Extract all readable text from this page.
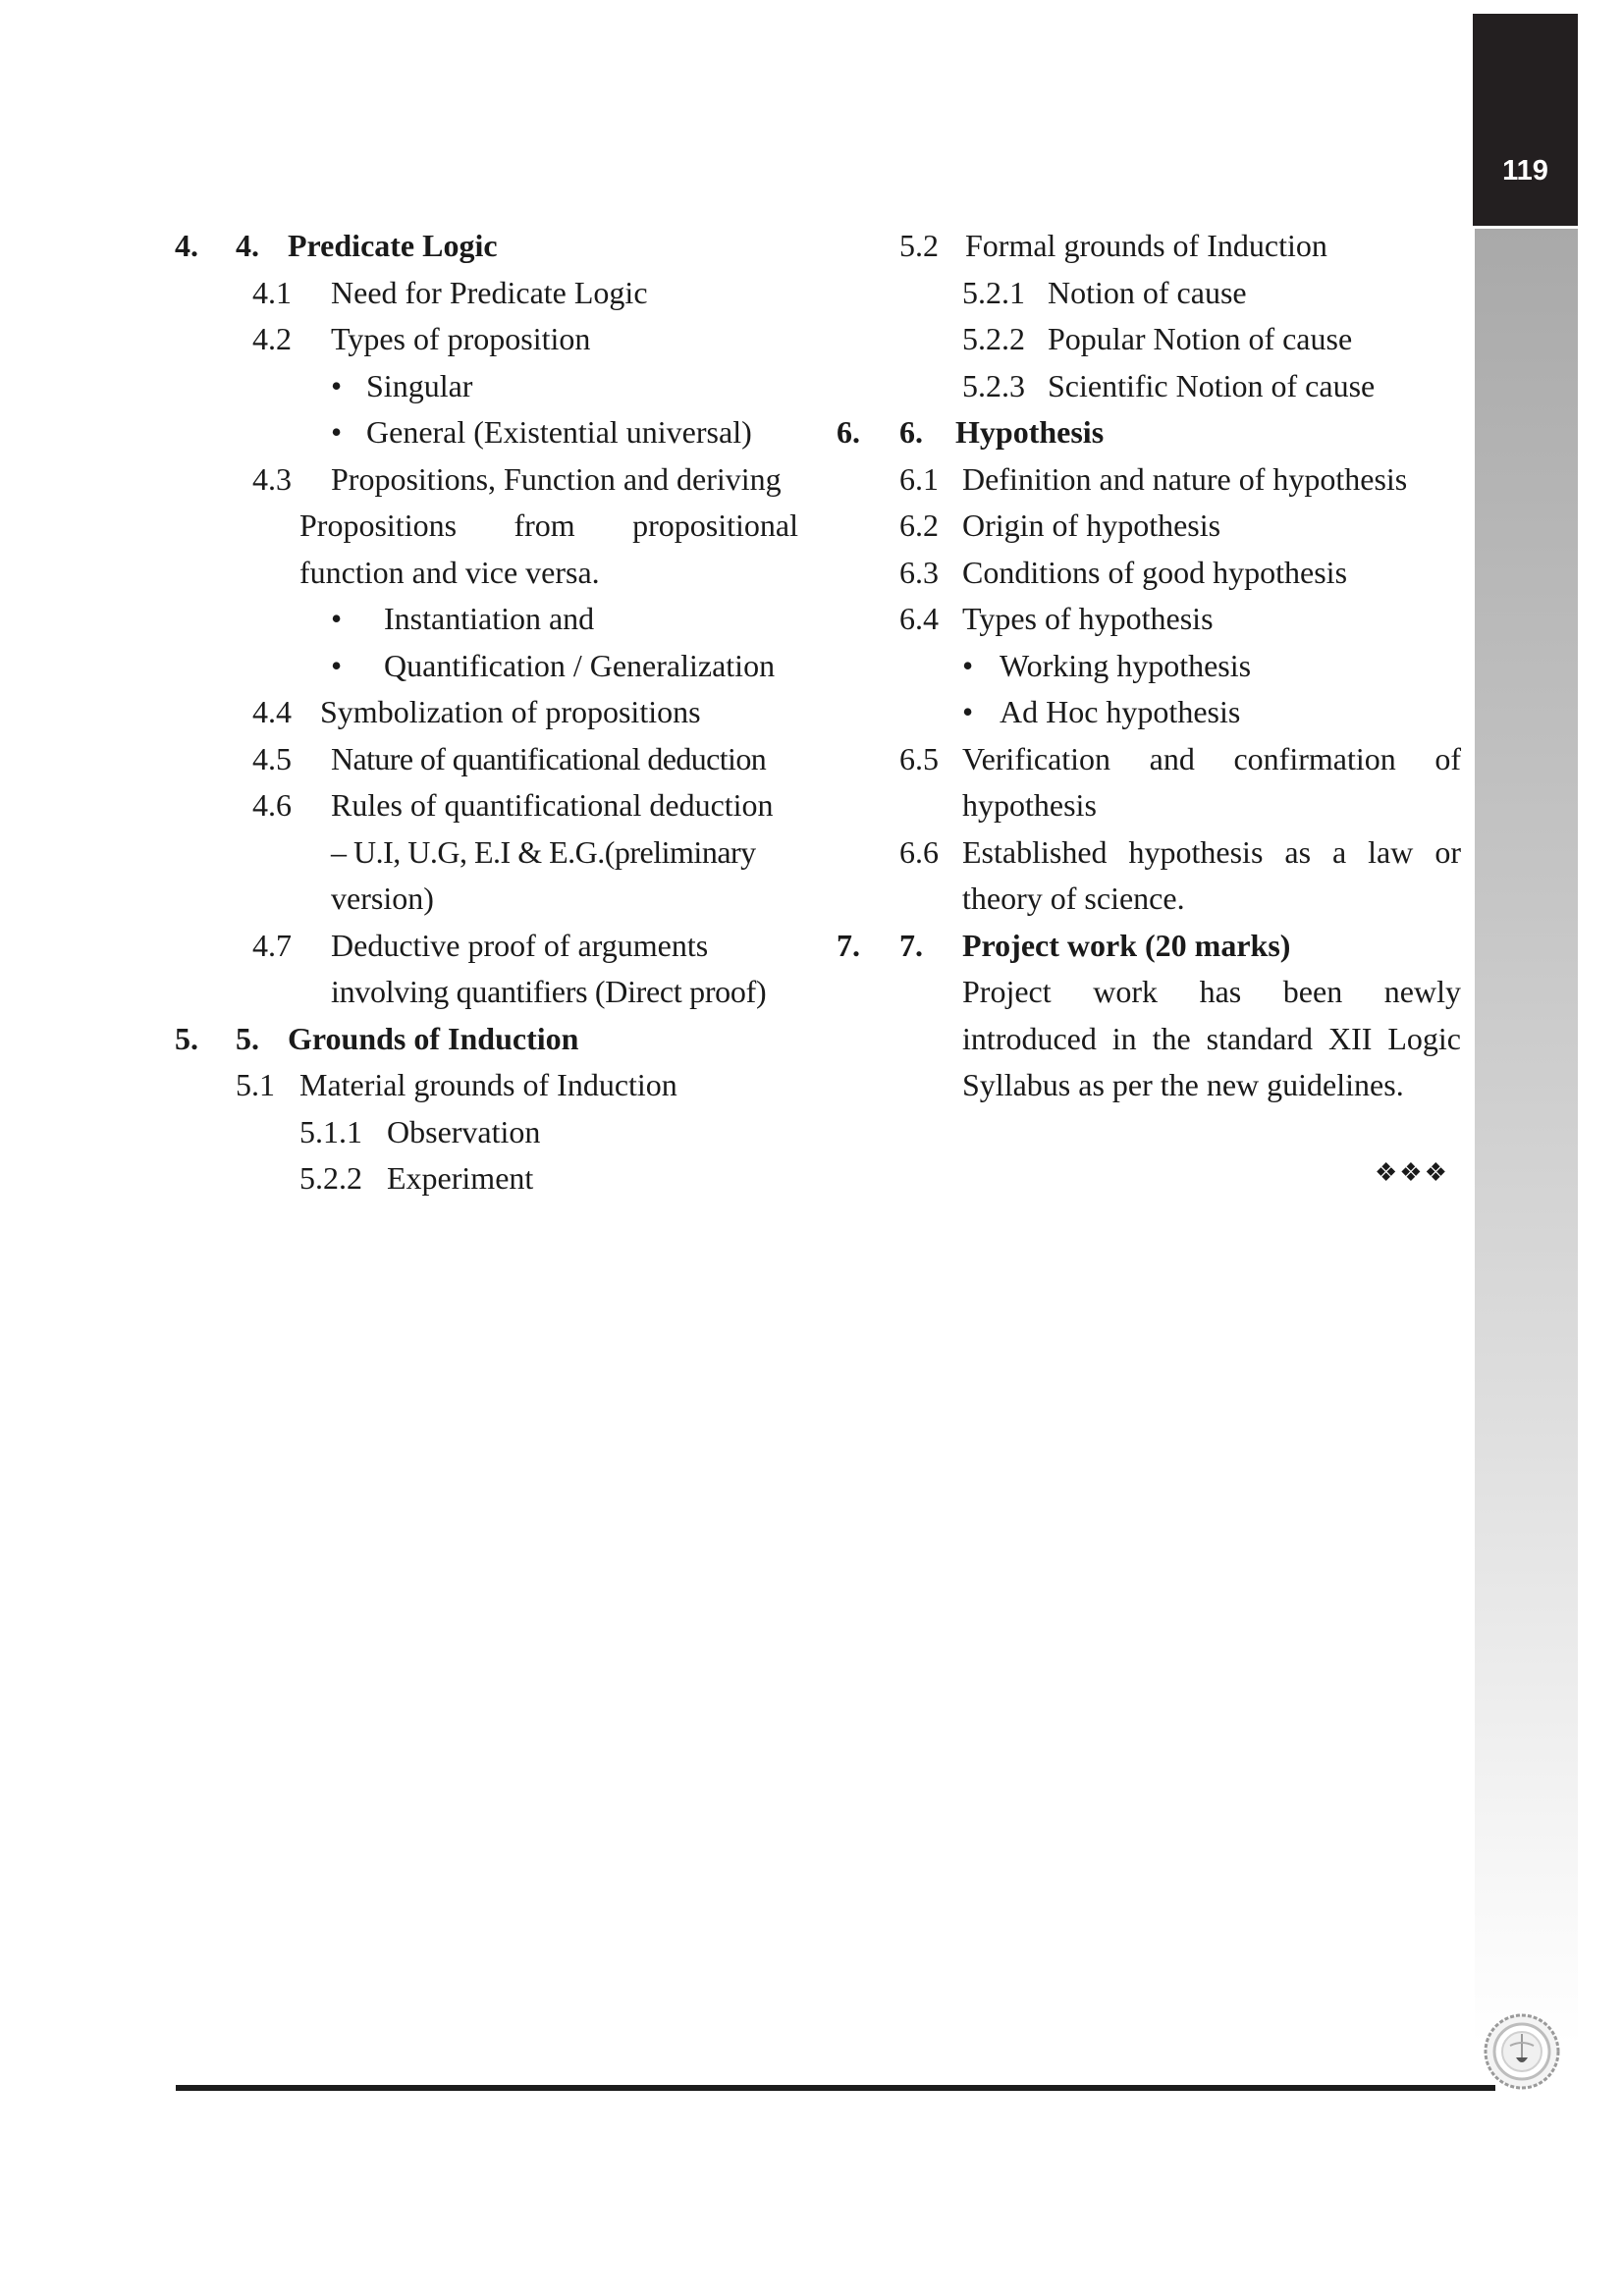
119
4. 4. Predicate Logic
4.1 Need for Predicate Logic
4.2 Types of proposition
• Singular
• General (Existential universal)
4.3 Propositions, Function and deriving
Propositions from propositional
function and vice versa.
• Instantiation and
• Quantification / Generalization
4.4 Symbolization of propositions
4.5 Nature of quantificational deduction
4.6 Rules of quantificational deduction
– U.I, U.G, E.I & E.G.(preliminary
version)
4.7 Deductive proof of arguments
involving quantifiers (Direct proof)
5. 5. Grounds of Induction
5.1 Material grounds of Induction
5.1.1 Observation
5.2.2 Experiment
5.2 Formal grounds of Induction
5.2.1 Notion of cause
5.2.2 Popular Notion of cause
5.2.3 Scientific Notion of cause
6. 6. Hypothesis
6.1 Definition and nature of hypothesis
6.2 Origin of hypothesis
6.3 Conditions of good hypothesis
6.4 Types of hypothesis
• Working hypothesis
• Ad Hoc hypothesis
6.5 Verification and confirmation of
hypothesis
6.6 Established hypothesis as a law or
theory of science.
7. 7. Project work (20 marks)
Project work has been newly
introduced in the standard XII Logic
Syllabus as per the new guidelines.
❖❖❖
